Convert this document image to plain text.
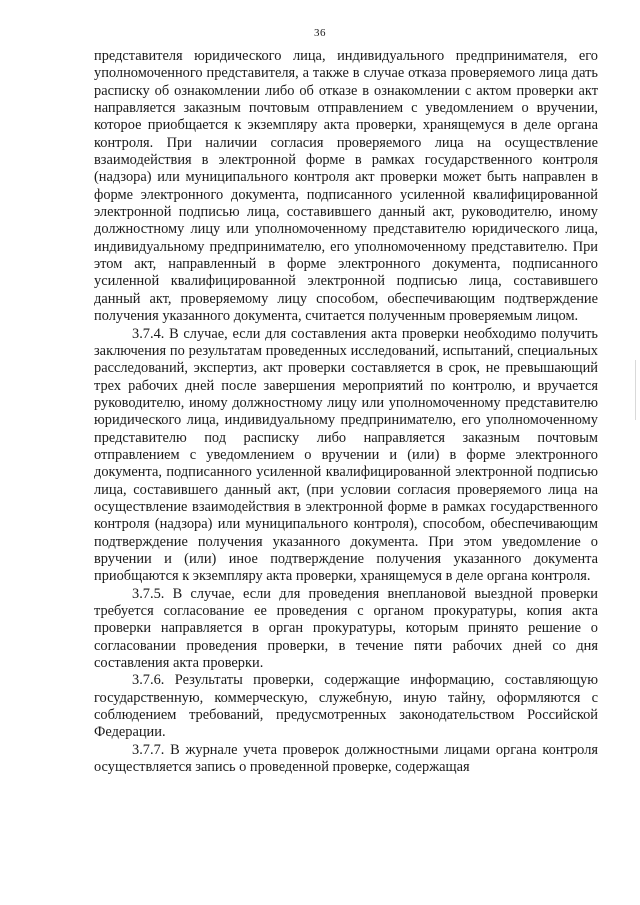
36

представителя юридического лица, индивидуального предпринимателя, его уполномоченного представителя, а также в случае отказа проверяемого лица дать расписку об ознакомлении либо об отказе в ознакомлении с актом проверки акт направляется заказным почтовым отправлением с уведомлением о вручении, которое приобщается к экземпляру акта проверки, хранящемуся в деле органа контроля. При наличии согласия проверяемого лица на осуществление взаимодействия в электронной форме в рамках государственного контроля (надзора) или муниципального контроля акт проверки может быть направлен в форме электронного документа, подписанного усиленной квалифицированной электронной подписью лица, составившего данный акт, руководителю, иному должностному лицу или уполномоченному представителю юридического лица, индивидуальному предпринимателю, его уполномоченному представителю. При этом акт, направленный в форме электронного документа, подписанного усиленной квалифицированной электронной подписью лица, составившего данный акт, проверяемому лицу способом, обеспечивающим подтверждение получения указанного документа, считается полученным проверяемым лицом.

3.7.4. В случае, если для составления акта проверки необходимо получить заключения по результатам проведенных исследований, испытаний, специальных расследований, экспертиз, акт проверки составляется в срок, не превышающий трех рабочих дней после завершения мероприятий по контролю, и вручается руководителю, иному должностному лицу или уполномоченному представителю юридического лица, индивидуальному предпринимателю, его уполномоченному представителю под расписку либо направляется заказным почтовым отправлением с уведомлением о вручении и (или) в форме электронного документа, подписанного усиленной квалифицированной электронной подписью лица, составившего данный акт, (при условии согласия проверяемого лица на осуществление взаимодействия в электронной форме в рамках государственного контроля (надзора) или муниципального контроля), способом, обеспечивающим подтверждение получения указанного документа. При этом уведомление о вручении и (или) иное подтверждение получения указанного документа приобщаются к экземпляру акта проверки, хранящемуся в деле органа контроля.

3.7.5. В случае, если для проведения внеплановой выездной проверки требуется согласование ее проведения с органом прокуратуры, копия акта проверки направляется в орган прокуратуры, которым принято решение о согласовании проведения проверки, в течение пяти рабочих дней со дня составления акта проверки.

3.7.6. Результаты проверки, содержащие информацию, составляющую государственную, коммерческую, служебную, иную тайну, оформляются с соблюдением требований, предусмотренных законодательством Российской Федерации.

3.7.7. В журнале учета проверок должностными лицами органа контроля осуществляется запись о проведенной проверке, содержащая
